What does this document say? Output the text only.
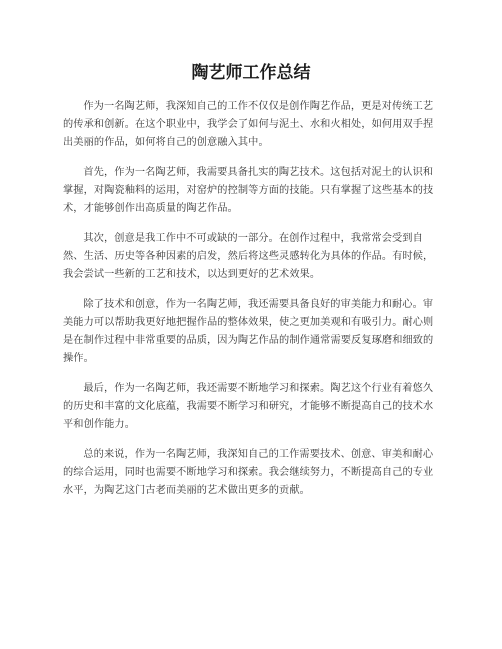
陶艺师工作总结

作为一名陶艺师，我深知自己的工作不仅仅是创作陶艺作品，更是对传统工艺的传承和创新。在这个职业中，我学会了如何与泥土、水和火相处，如何用双手捏出美丽的作品，如何将自己的创意融入其中。

首先，作为一名陶艺师，我需要具备扎实的陶艺技术。这包括对泥土的认识和掌握，对陶瓷釉料的运用，对窑炉的控制等方面的技能。只有掌握了这些基本的技术，才能够创作出高质量的陶艺作品。

其次，创意是我工作中不可或缺的一部分。在创作过程中，我常常会受到自然、生活、历史等各种因素的启发，然后将这些灵感转化为具体的作品。有时候，我会尝试一些新的工艺和技术，以达到更好的艺术效果。

除了技术和创意，作为一名陶艺师，我还需要具备良好的审美能力和耐心。审美能力可以帮助我更好地把握作品的整体效果，使之更加美观和有吸引力。耐心则是在制作过程中非常重要的品质，因为陶艺作品的制作通常需要反复琢磨和细致的操作。

最后，作为一名陶艺师，我还需要不断地学习和探索。陶艺这个行业有着悠久的历史和丰富的文化底蕴，我需要不断学习和研究，才能够不断提高自己的技术水平和创作能力。

总的来说，作为一名陶艺师，我深知自己的工作需要技术、创意、审美和耐心的综合运用，同时也需要不断地学习和探索。我会继续努力，不断提高自己的专业水平，为陶艺这门古老而美丽的艺术做出更多的贡献。
